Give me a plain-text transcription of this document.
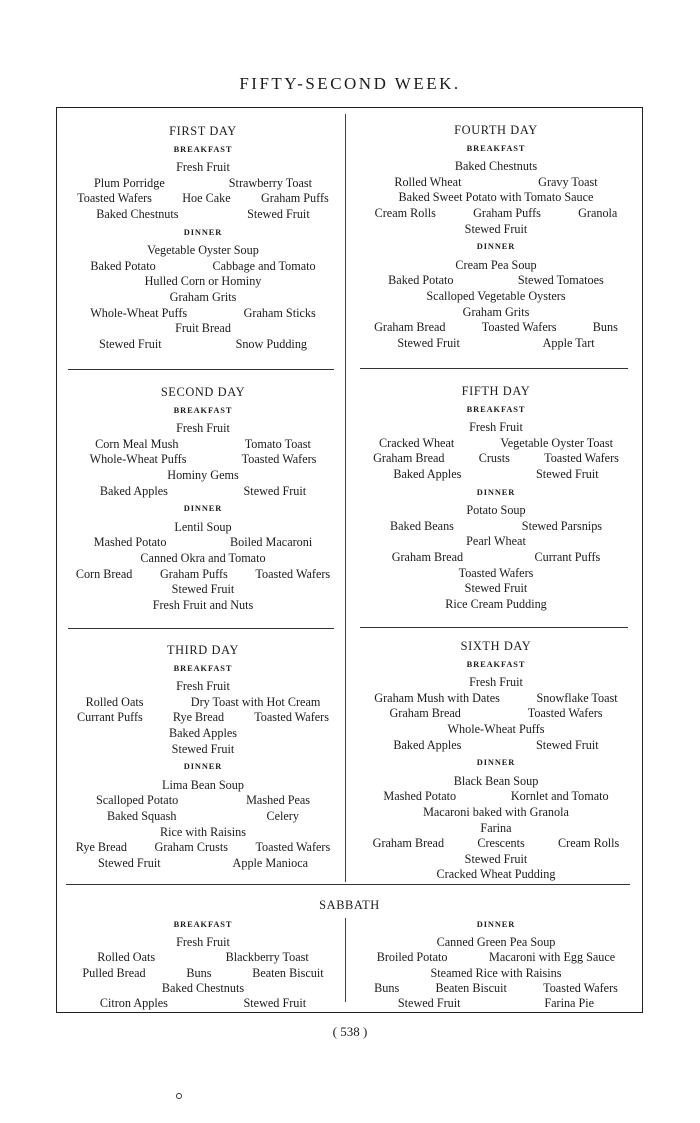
FIFTY-SECOND WEEK.
FIRST DAY
BREAKFAST
Fresh Fruit
Plum Porridge	Strawberry Toast
Toasted Wafers Hoe Cake Graham Puffs
Baked Chestnuts	Stewed Fruit
DINNER
Vegetable Oyster Soup
Baked Potato	Cabbage and Tomato
Hulled Corn or Hominy
Graham Grits
Whole-Wheat Puffs	Graham Sticks
Fruit Bread
Stewed Fruit	Snow Pudding
SECOND DAY
BREAKFAST
Fresh Fruit
Corn Meal Mush	Tomato Toast
Whole-Wheat Puffs	Toasted Wafers
Hominy Gems
Baked Apples	Stewed Fruit
DINNER
Lentil Soup
Mashed Potato	Boiled Macaroni
Canned Okra and Tomato
Corn Bread Graham Puffs Toasted Wafers
Stewed Fruit
Fresh Fruit and Nuts
THIRD DAY
BREAKFAST
Fresh Fruit
Rolled Oats	Dry Toast with Hot Cream
Currant Puffs Rye Bread Toasted Wafers
Baked Apples
Stewed Fruit
DINNER
Lima Bean Soup
Scalloped Potato	Mashed Peas
Baked Squash	Celery
Rice with Raisins
Rye Bread Graham Crusts Toasted Wafers
Stewed Fruit	Apple Manioca
FOURTH DAY
BREAKFAST
Baked Chestnuts
Rolled Wheat	Gravy Toast
Baked Sweet Potato with Tomato Sauce
Cream Rolls	Graham Puffs	Granola
Stewed Fruit
DINNER
Cream Pea Soup
Baked Potato	Stewed Tomatoes
Scalloped Vegetable Oysters
Graham Grits
Graham Bread	Toasted Wafers	Buns
Stewed Fruit	Apple Tart
FIFTH DAY
BREAKFAST
Fresh Fruit
Cracked Wheat	Vegetable Oyster Toast
Graham Bread	Crusts	Toasted Wafers
Baked Apples	Stewed Fruit
DINNER
Potato Soup
Baked Beans	Stewed Parsnips
Pearl Wheat
Graham Bread	Currant Puffs
Toasted Wafers
Stewed Fruit
Rice Cream Pudding
SIXTH DAY
BREAKFAST
Fresh Fruit
Graham Mush with Dates	Snowflake Toast
Graham Bread	Toasted Wafers
Whole-Wheat Puffs
Baked Apples	Stewed Fruit
DINNER
Black Bean Soup
Mashed Potato	Kornlet and Tomato
Macaroni baked with Granola
Farina
Graham Bread	Crescents	Cream Rolls
Stewed Fruit
Cracked Wheat Pudding
SABBATH
BREAKFAST
Fresh Fruit
Rolled Oats	Blackberry Toast
Pulled Bread	Buns	Beaten Biscuit
Baked Chestnuts
Citron Apples	Stewed Fruit
DINNER
Canned Green Pea Soup
Broiled Potato	Macaroni with Egg Sauce
Steamed Rice with Raisins
Buns	Beaten Biscuit	Toasted Wafers
Stewed Fruit	Farina Pie
( 538 )
